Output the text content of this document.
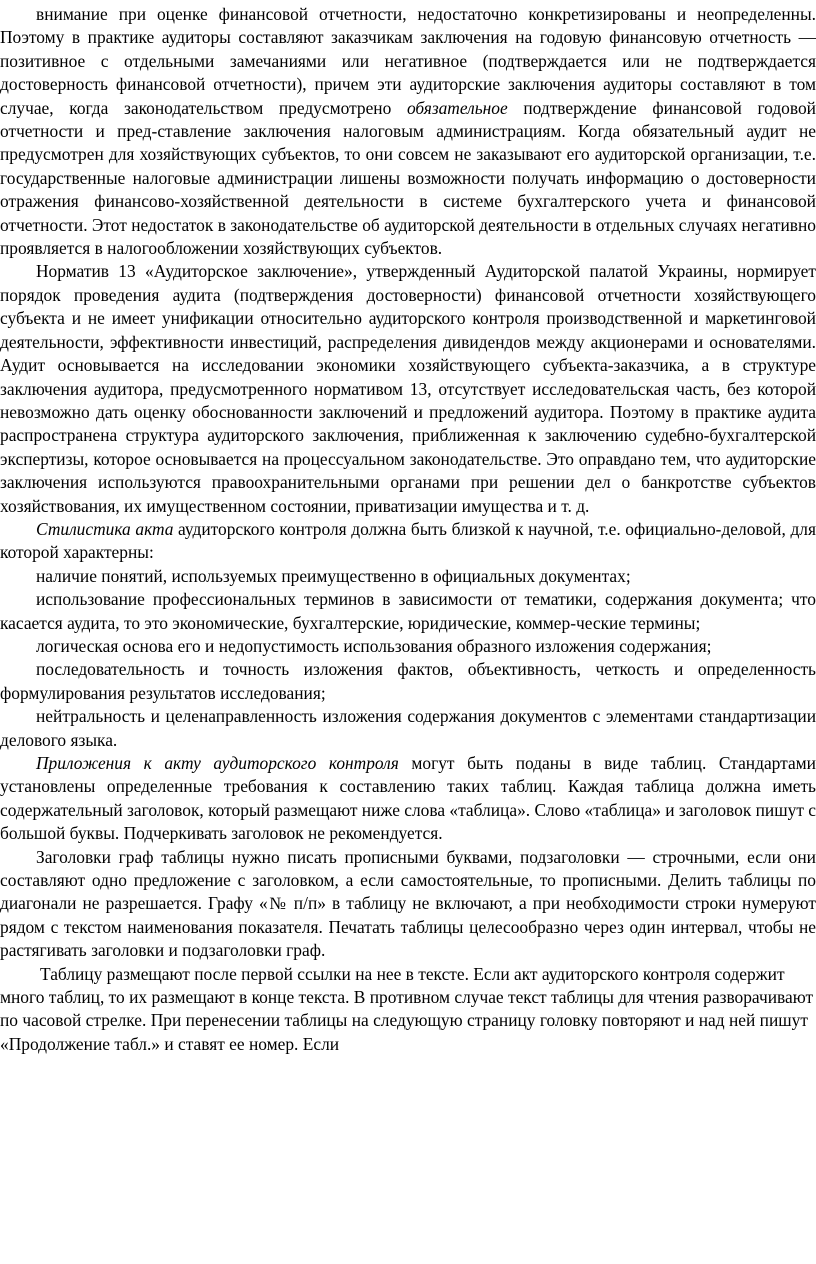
внимание при оценке финансовой отчетности, недостаточно конкретизированы и неопределенны. Поэтому в практике аудиторы составляют заказчикам заключения на годовую финансовую отчетность — позитивное с отдельными замечаниями или негативное (подтверждается или не подтверждается достоверность финансовой отчетности), причем эти аудиторские заключения аудиторы составляют в том случае, когда законодательством предусмотрено обязательное подтверждение финансовой годовой отчетности и пред-ставление заключения налоговым администрациям. Когда обязательный аудит не предусмотрен для хозяйствующих субъектов, то они совсем не заказывают его аудиторской организации, т.е. государственные налоговые администрации лишены возможности получать информацию о достоверности отражения финансово-хозяйственной деятельности в системе бухгалтерского учета и финансовой отчетности. Этот недостаток в законодательстве об аудиторской деятельности в отдельных случаях негативно проявляется в налогообложении хозяйствующих субъектов.

Норматив 13 «Аудиторское заключение», утвержденный Аудиторской палатой Украины, нормирует порядок проведения аудита (подтверждения достоверности) финансовой отчетности хозяйствующего субъекта и не имеет унификации относительно аудиторского контроля производственной и маркетинговой деятельности, эффективности инвестиций, распределения дивидендов между акционерами и основателями. Аудит основывается на исследовании экономики хозяйствующего субъекта-заказчика, а в структуре заключения аудитора, предусмотренного нормативом 13, отсутствует исследовательская часть, без которой невозможно дать оценку обоснованности заключений и предложений аудитора. Поэтому в практике аудита распространена структура аудиторского заключения, приближенная к заключению судебно-бухгалтерской экспертизы, которое основывается на процессуальном законодательстве. Это оправдано тем, что аудиторские заключения используются правоохранительными органами при решении дел о банкротстве субъектов хозяйствования, их имущественном состоянии, приватизации имущества и т. д.

Стилистика акта аудиторского контроля должна быть близкой к научной, т.е. официально-деловой, для которой характерны:

наличие понятий, используемых преимущественно в официальных документах;

использование профессиональных терминов в зависимости от тематики, содержания документа; что касается аудита, то это экономические, бухгалтерские, юридические, коммер-ческие термины;

логическая основа его и недопустимость использования образного изложения содержания;

последовательность и точность изложения фактов, объективность, четкость и определенность формулирования результатов исследования;

нейтральность и целенаправленность изложения содержания документов с элементами стандартизации делового языка.

Приложения к акту аудиторского контроля могут быть поданы в виде таблиц. Стандартами установлены определенные требования к составлению таких таблиц. Каждая таблица должна иметь содержательный заголовок, который размещают ниже слова «таблица». Слово «таблица» и заголовок пишут с большой буквы. Подчеркивать заголовок не рекомендуется.

Заголовки граф таблицы нужно писать прописными буквами, подзаголовки — строчными, если они составляют одно предложение с заголовком, а если самостоятельные, то прописными. Делить таблицы по диагонали не разрешается. Графу «№ п/п» в таблицу не включают, а при необходимости строки нумеруют рядом с текстом наименования показателя. Печатать таблицы целесообразно через один интервал, чтобы не растягивать заголовки и подзаголовки граф.

Таблицу размещают после первой ссылки на нее в тексте. Если акт аудиторского контроля содержит много таблиц, то их размещают в конце текста. В противном случае текст таблицы для чтения разворачивают по часовой стрелке. При перенесении таблицы на следующую страницу головку повторяют и над ней пишут «Продолжение табл.» и ставят ее номер. Если
